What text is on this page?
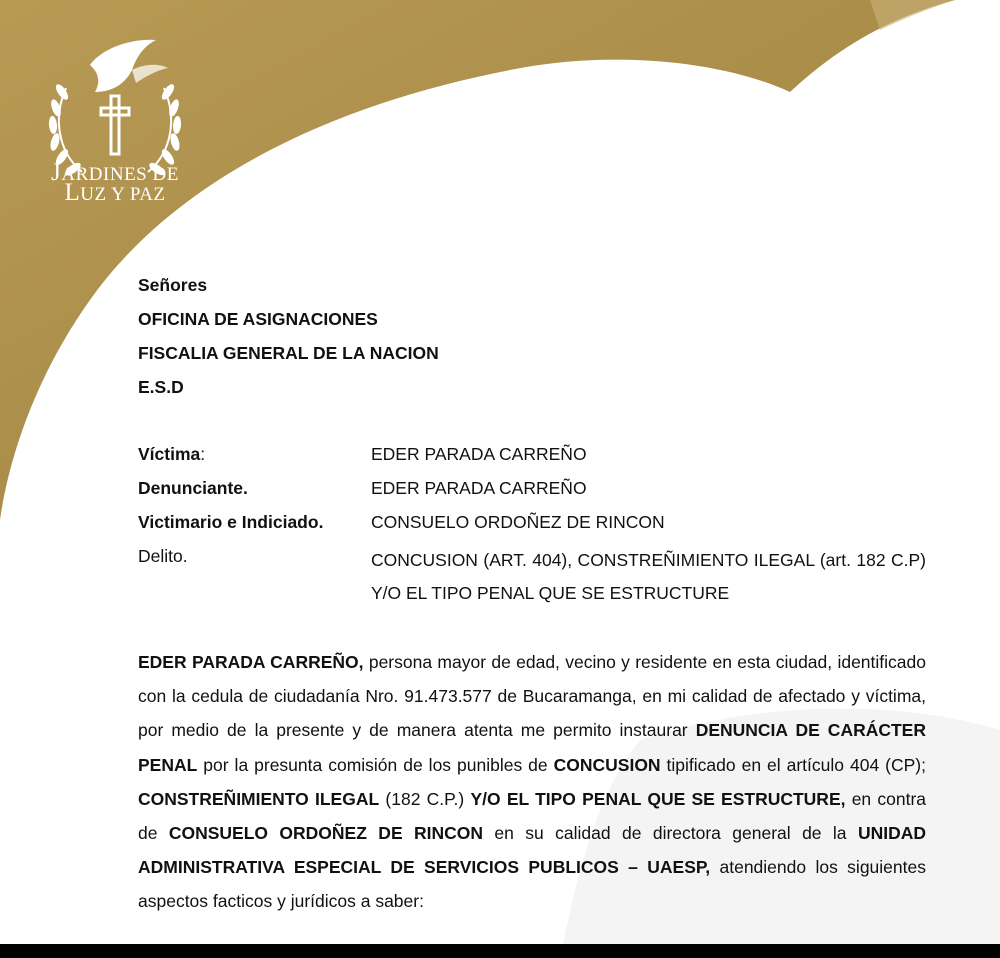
JARDINES DE
LUZ Y PAZ
Señores
OFICINA DE ASIGNACIONES
FISCALIA GENERAL DE LA NACION
E.S.D
Víctima:	EDER PARADA CARREÑO
Denunciante.	EDER PARADA CARREÑO
Victimario e Indiciado.	CONSUELO ORDOÑEZ DE RINCON
Delito.	CONCUSION (ART. 404), CONSTREÑIMIENTO ILEGAL (art. 182 C.P) Y/O EL TIPO PENAL QUE SE ESTRUCTURE
EDER PARADA CARREÑO, persona mayor de edad, vecino y residente en esta ciudad, identificado con la cedula de ciudadanía Nro. 91.473.577 de Bucaramanga, en mi calidad de afectado y víctima, por medio de la presente y de manera atenta me permito instaurar DENUNCIA DE CARÁCTER PENAL por la presunta comisión de los punibles de CONCUSION tipificado en el artículo 404 (CP); CONSTREÑIMIENTO ILEGAL (182 C.P.) Y/O EL TIPO PENAL QUE SE ESTRUCTURE, en contra de CONSUELO ORDOÑEZ DE RINCON en su calidad de directora general de la UNIDAD ADMINISTRATIVA ESPECIAL DE SERVICIOS PUBLICOS – UAESP, atendiendo los siguientes aspectos facticos y jurídicos a saber:
